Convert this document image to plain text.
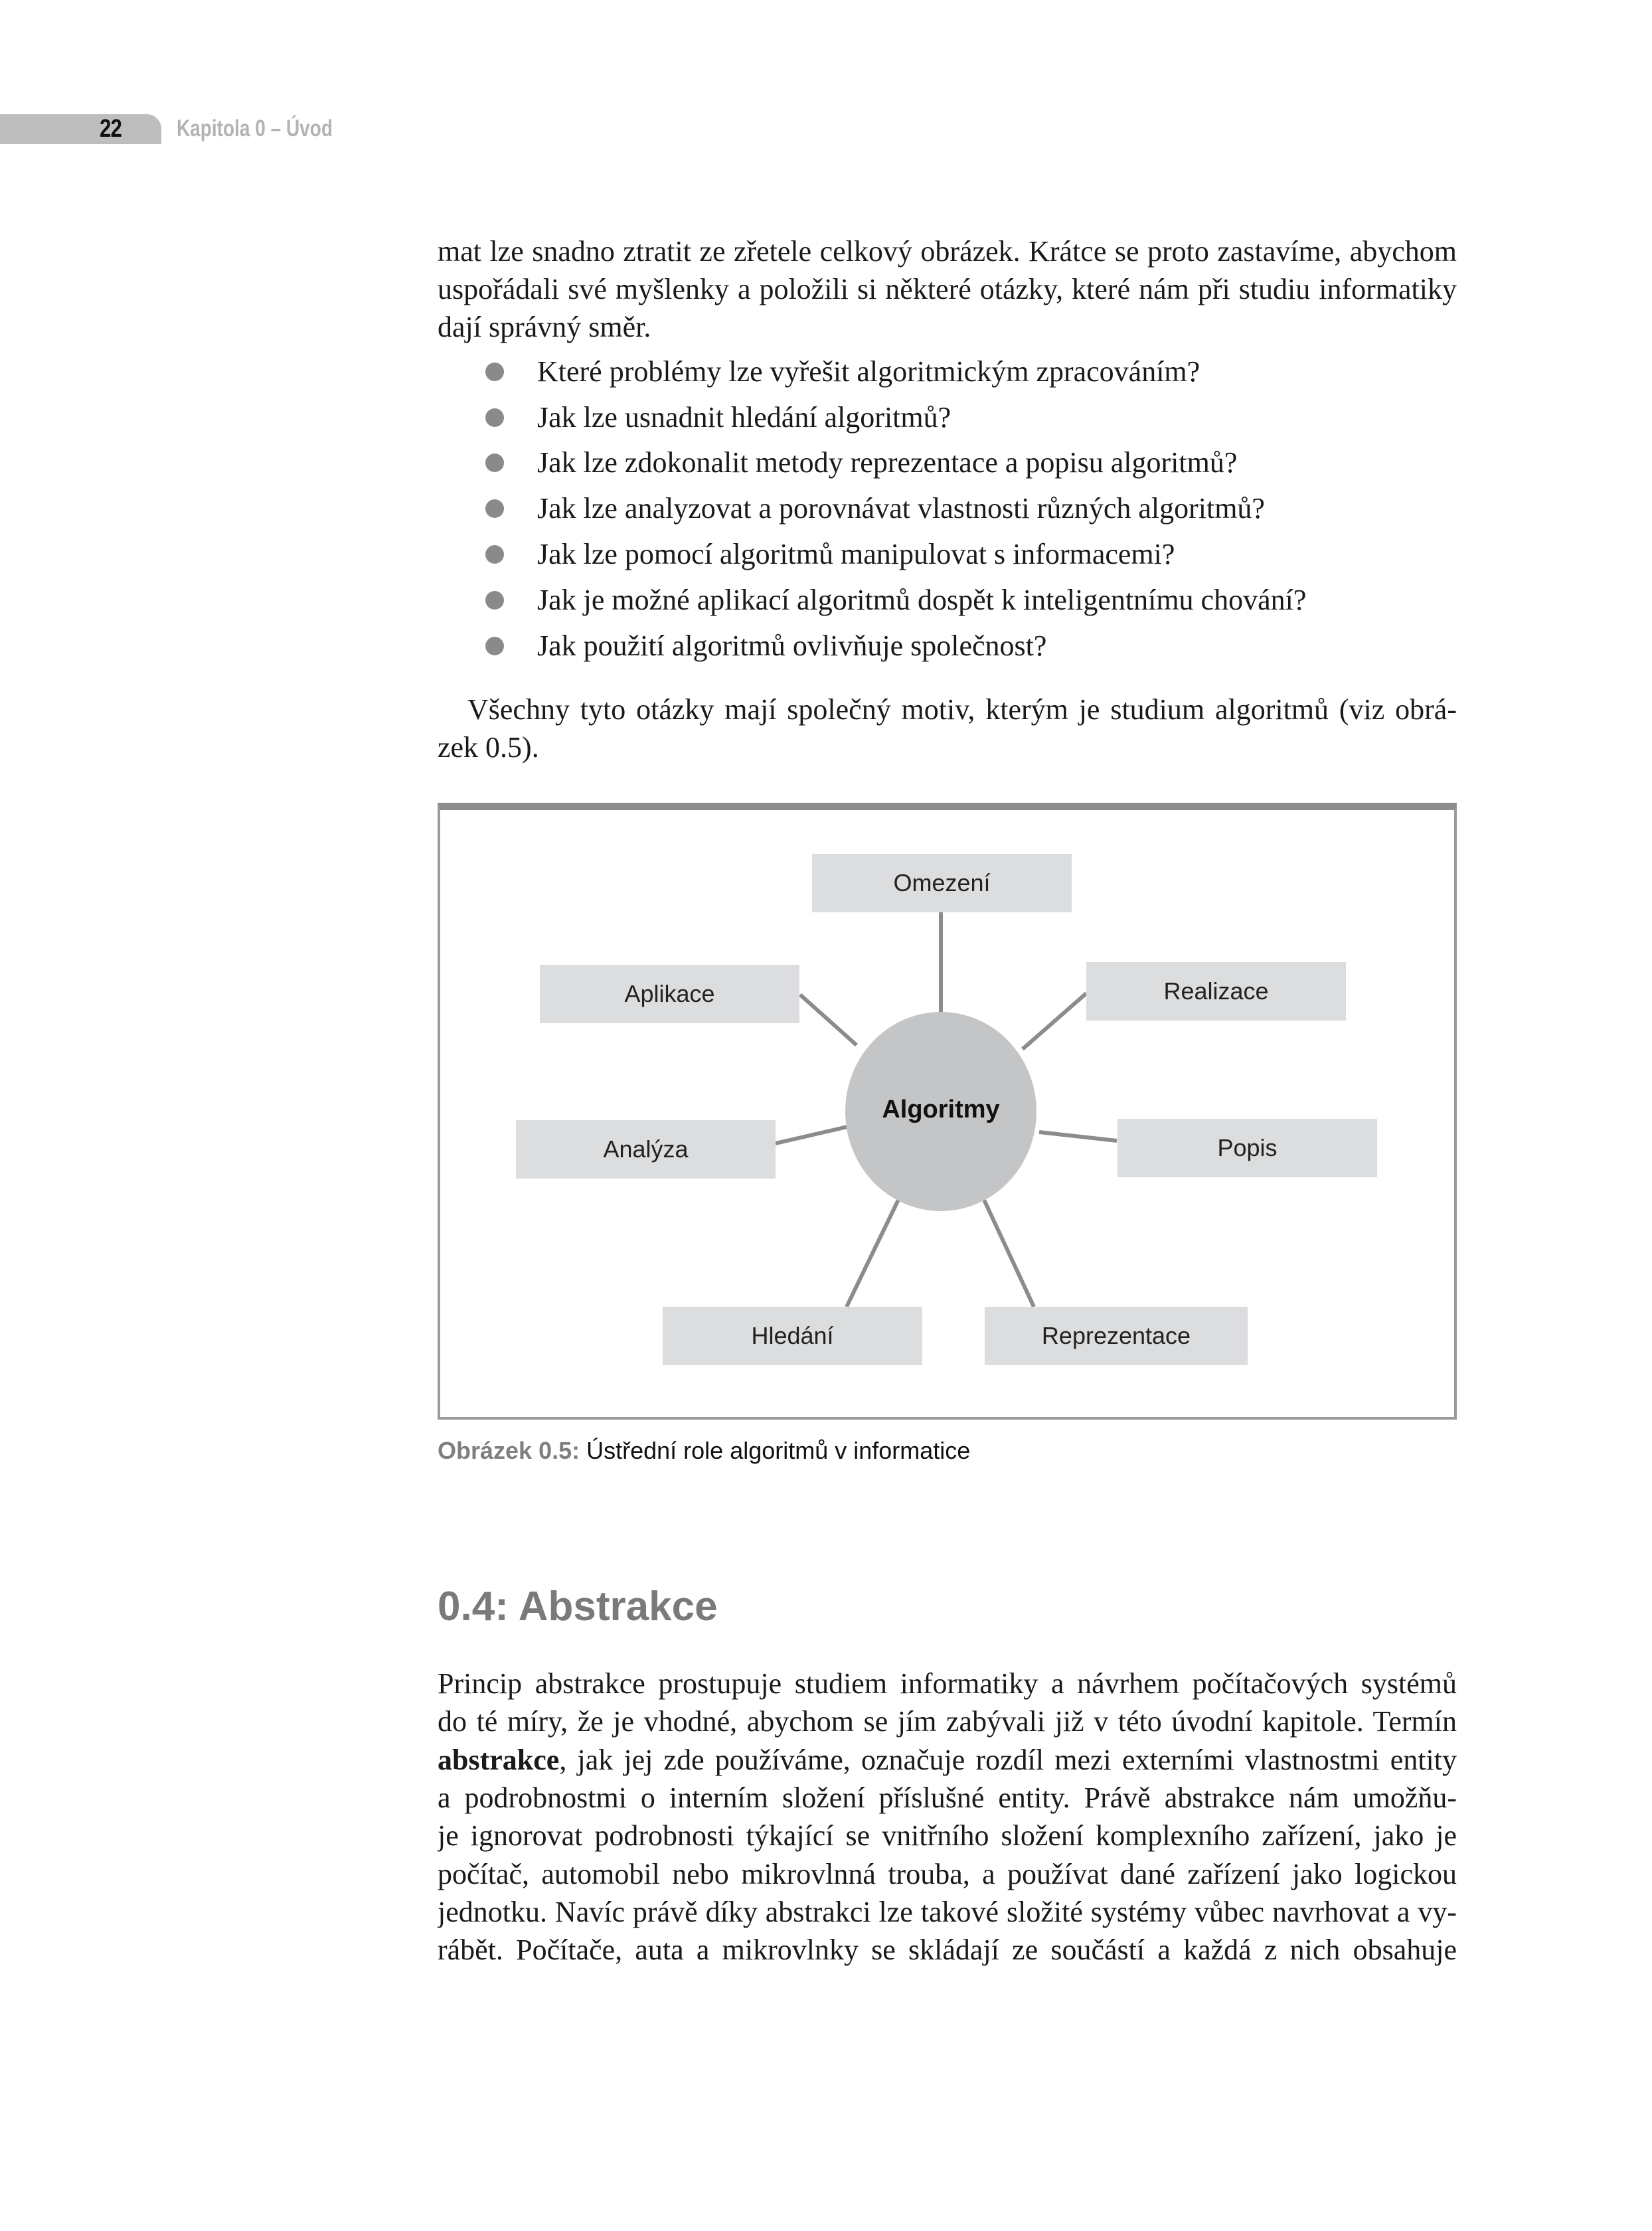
22	Kapitola 0 – Úvod
mat lze snadno ztratit ze zřetele celkový obrázek. Krátce se proto zastavíme, abychom
uspořádali své myšlenky a položili si některé otázky, které nám při studiu informatiky
dají správný směr.
Které problémy lze vyřešit algoritmickým zpracováním?
Jak lze usnadnit hledání algoritmů?
Jak lze zdokonalit metody reprezentace a popisu algoritmů?
Jak lze analyzovat a porovnávat vlastnosti různých algoritmů?
Jak lze pomocí algoritmů manipulovat s informacemi?
Jak je možné aplikací algoritmů dospět k inteligentnímu chování?
Jak použití algoritmů ovlivňuje společnost?
Všechny tyto otázky mají společný motiv, kterým je studium algoritmů (viz obrá-
zek 0.5).
Omezení
Aplikace	Realizace
Analýza	Popis
Hledání	Reprezentace
Algoritmy
Obrázek 0.5: Ústřední role algoritmů v informatice
0.4: Abstrakce
Princip abstrakce prostupuje studiem informatiky a návrhem počítačových systémů
do té míry, že je vhodné, abychom se jím zabývali již v této úvodní kapitole. Termín
abstrakce, jak jej zde používáme, označuje rozdíl mezi externími vlastnostmi entity
a podrobnostmi o interním složení příslušné entity. Právě abstrakce nám umožňu-
je ignorovat podrobnosti týkající se vnitřního složení komplexního zařízení, jako je
počítač, automobil nebo mikrovlnná trouba, a používat dané zařízení jako logickou
jednotku. Navíc právě díky abstrakci lze takové složité systémy vůbec navrhovat a vy-
rábět. Počítače, auta a mikrovlnky se skládají ze součástí a každá z nich obsahuje
